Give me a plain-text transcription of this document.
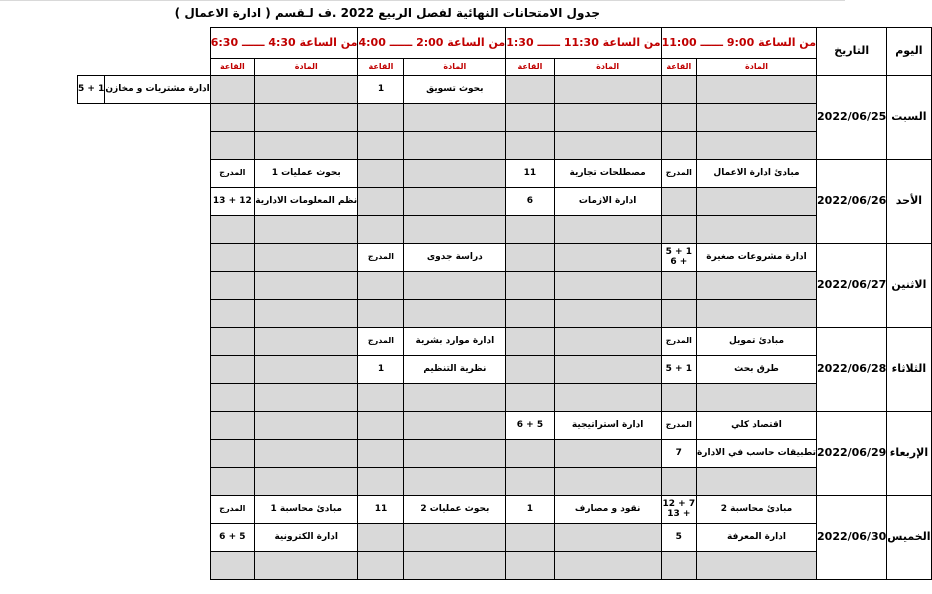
جدول الامتحانات النهائية لفصل الربيع 2022 .ف لـقسم ( ادارة الاعمال )
اليوم	التاريخ	من الساعة 9:00 ــــــ 11:00		من الساعة 11:30 ــــــ 1:30		من الساعة 2:00 ــــــ 4:00		من الساعة 4:30 ــــــ 6:30			
		المادة	القاعة	المادة	القاعة	المادة	القاعة	المادة	القاعة		
السبت	2022/06/25					بحوث تسويق	1			ادارة مشتريات و مخازن	1 + 5

الأحد	2022/06/26	مبادئ ادارة الاعمال	المدرج	مصطلحات تجارية	11			بحوث عمليات 1	المدرج		
				ادارة الازمات	6			نظم المعلومات الادارية	12 + 13		

الاثنين	2022/06/27	ادارة مشروعات صغيرة	1 + 5 + 6			دراسة جدوى	المدرج				

الثلاثاء	2022/06/28	مبادئ تمويل	المدرج			ادارة موارد بشرية	المدرج				
		طرق بحث	1 + 5			نظرية التنظيم	1				

الإربعاء	2022/06/29	اقتصاد كلي	المدرج	ادارة استراتيجية	5 + 6						
		تطبيقات حاسب في الادارة	7								

الخميس	2022/06/30	مبادئ محاسبة 2	7 + 12 + 13	نقود و مصارف	1	بحوث عمليات 2	11	مبادئ محاسبة 1	المدرج		
		ادارة المعرفة	5					ادارة الكترونية	5 + 6		
